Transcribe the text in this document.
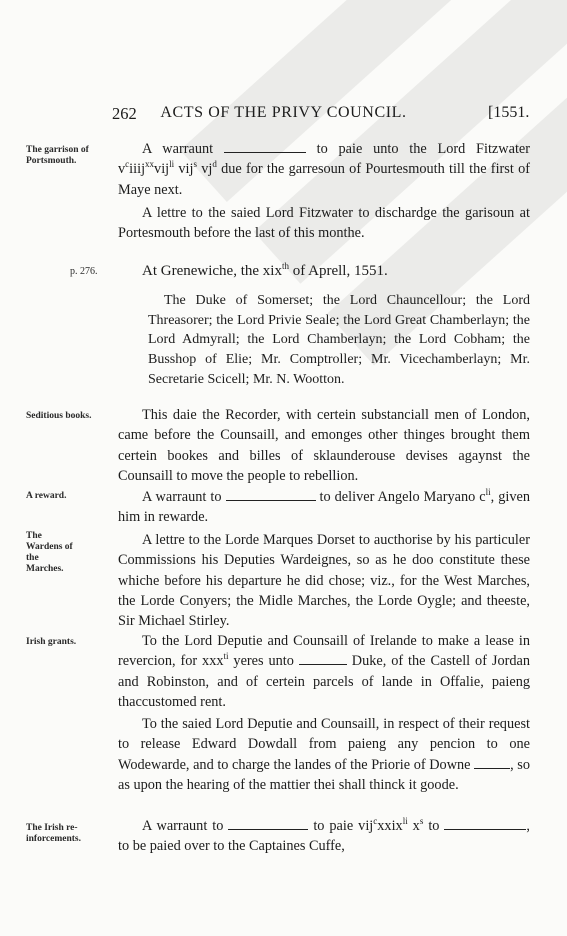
262	ACTS OF THE PRIVY COUNCIL.	[1551.
The garrison of Portsmouth.
p. 276.
Seditious books.
A reward.
The Wardens of the Marches.
Irish grants.
The Irish re-inforcements.

A warraunt	to paie unto the Lord Fitzwater $v^ciiij^{xx}vij^{li}$ vij$^s$ $vj^d$ due for the garresoun of Pourtesmouth till the first of Maye next.

A lettre to the saied Lord Fitzwater to dischardge the garisoun at Portesmouth before the last of this monthe.

At Grenewiche, the xix$^{th}$ of Aprell, 1551.

The Duke of Somerset; the Lord Chauncellour; the Lord Threasorer; the Lord Privie Seale; the Lord Great Chamberlayn; the Lord Admyrall; the Lord Chamberlayn; the Lord Cobham; the Busshop of Elie; Mr. Comptroller; Mr. Vicechamberlayn; Mr. Secretarie Scicell; Mr. N. Wootton.

This daie the Recorder, with certein substanciall men of London, came before the Counsaill, and emonges other thinges brought them certein bookes and billes of sklaunderouse devises agaynst the Counsaill to move the people to rebellion.

A warraunt to	to deliver Angelo Maryano $c^{li}$, given him in rewarde.

A lettre to the Lorde Marques Dorset to aucthorise by his particuler Commissions his Deputies Wardeignes, so as he doo constitute these whiche before his departure he did chose; viz., for the West Marches, the Lorde Conyers; the Midle Marches, the Lorde Oygle; and theeste, Sir Michael Stirley.

To the Lord Deputie and Counsaill of Irelande to make a lease in revercion, for xxx$^{ti}$ yeres unto	Duke, of the Castell of Jordan and Robinston, and of certein parcels of lande in Offalie, paieng thaccustomed rent.

To the saied Lord Deputie and Counsaill, in respect of their request to release Edward Dowdall from paieng any pencion to one Wodewarde, and to charge the landes of the Priorie of Downe	, so as upon the hearing of the mattier thei shall thinck it goode.

A warraunt to	to paie vij$^c$xxix$^{li}$ $x^s$ to	, to be paied over to the Captaines Cuffe,
